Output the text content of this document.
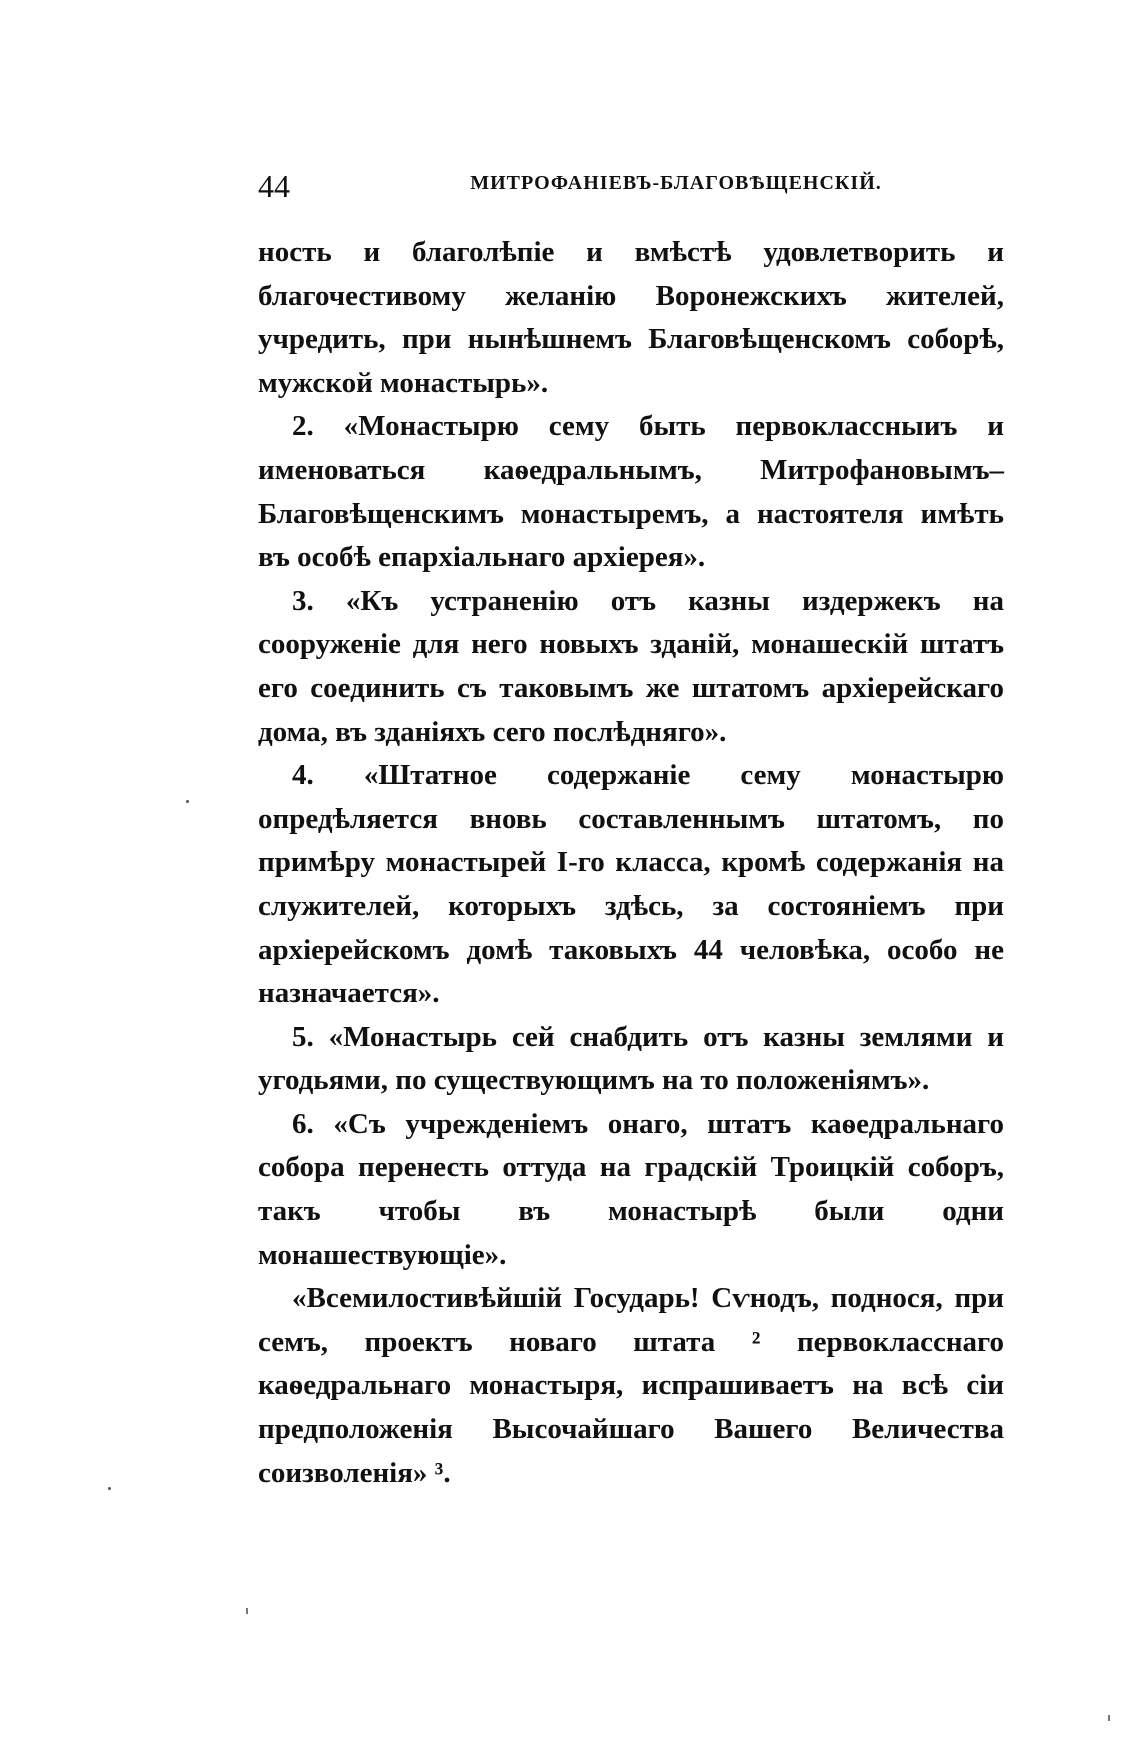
44	МИТРОФАНІЕВЪ-БЛАГОВѢЩЕНСКІЙ.

ность и благолѣпіе и вмѣстѣ удовлетворить и благочестивому желанію Воронежскихъ жителей, учредить, при нынѣшнемъ Благовѣщенскомъ соборѣ, мужской монастырь».

2. «Монастырю сему быть первоклассныиъ и именоваться каѳедральнымъ, Митрофановымъ–Благовѣщенскимъ монастыремъ, а настоятеля имѣть въ особѣ епархіальнаго архіерея».

3. «Къ устраненію отъ казны издержекъ на сооруженіе для него новыхъ зданій, монашескій штатъ его соединить съ таковымъ же штатомъ архіерейскаго дома, въ зданіяхъ сего послѣдняго».

4. «Штатное содержаніе сему монастырю опредѣляется вновь составленнымъ штатомъ, по примѣру монастырей I-го класса, кромѣ содержанія на служителей, которыхъ здѣсь, за состояніемъ при архіерейскомъ домѣ таковыхъ 44 человѣка, особо не назначается».

5. «Монастырь сей снабдить отъ казны землями и угодьями, по существующимъ на то положеніямъ».

6. «Съ учрежденіемъ онаго, штатъ каѳедральнаго собора перенесть оттуда на градскій Троицкій соборъ, такъ чтобы въ монастырѣ были одни монашествующіе».

«Всемилостивѣйшій Государь! Сѵнодъ, поднося, при семъ, проектъ новаго штата ² первокласснаго каѳедральнаго монастыря, испрашиваетъ на всѣ сіи предположенія Высочайшаго Вашего Величества соизволенія» ³.
